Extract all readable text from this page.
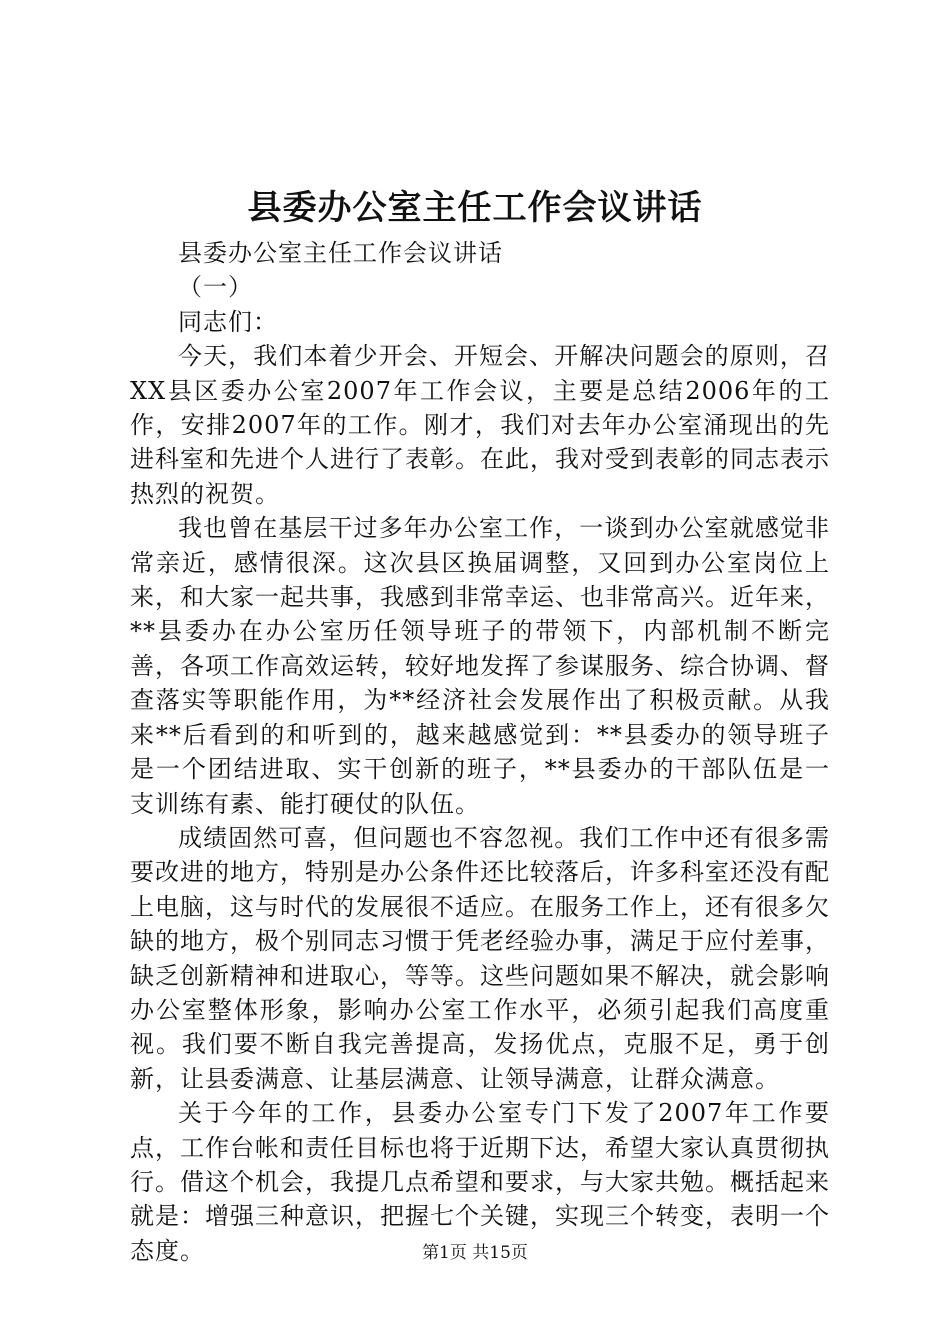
县委办公室主任工作会议讲话

县委办公室主任工作会议讲话

（一）

同志们：

今天，我们本着少开会、开短会、开解决问题会的原则，召XX县区委办公室2007年工作会议，主要是总结2006年的工作，安排2007年的工作。刚才，我们对去年办公室涌现出的先进科室和先进个人进行了表彰。在此，我对受到表彰的同志表示热烈的祝贺。

我也曾在基层干过多年办公室工作，一谈到办公室就感觉非常亲近，感情很深。这次县区换届调整，又回到办公室岗位上来，和大家一起共事，我感到非常幸运、也非常高兴。近年来，**县委办在办公室历任领导班子的带领下，内部机制不断完善，各项工作高效运转，较好地发挥了参谋服务、综合协调、督查落实等职能作用，为**经济社会发展作出了积极贡献。从我来**后看到的和听到的，越来越感觉到：**县委办的领导班子是一个团结进取、实干创新的班子，**县委办的干部队伍是一支训练有素、能打硬仗的队伍。

成绩固然可喜，但问题也不容忽视。我们工作中还有很多需要改进的地方，特别是办公条件还比较落后，许多科室还没有配上电脑，这与时代的发展很不适应。在服务工作上，还有很多欠缺的地方，极个别同志习惯于凭老经验办事，满足于应付差事，缺乏创新精神和进取心，等等。这些问题如果不解决，就会影响办公室整体形象，影响办公室工作水平，必须引起我们高度重视。我们要不断自我完善提高，发扬优点，克服不足，勇于创新，让县委满意、让基层满意、让领导满意，让群众满意。

关于今年的工作，县委办公室专门下发了2007年工作要点，工作台帐和责任目标也将于近期下达，希望大家认真贯彻执行。借这个机会，我提几点希望和要求，与大家共勉。概括起来就是：增强三种意识，把握七个关键，实现三个转变，表明一个态度。	第1页 共15页
